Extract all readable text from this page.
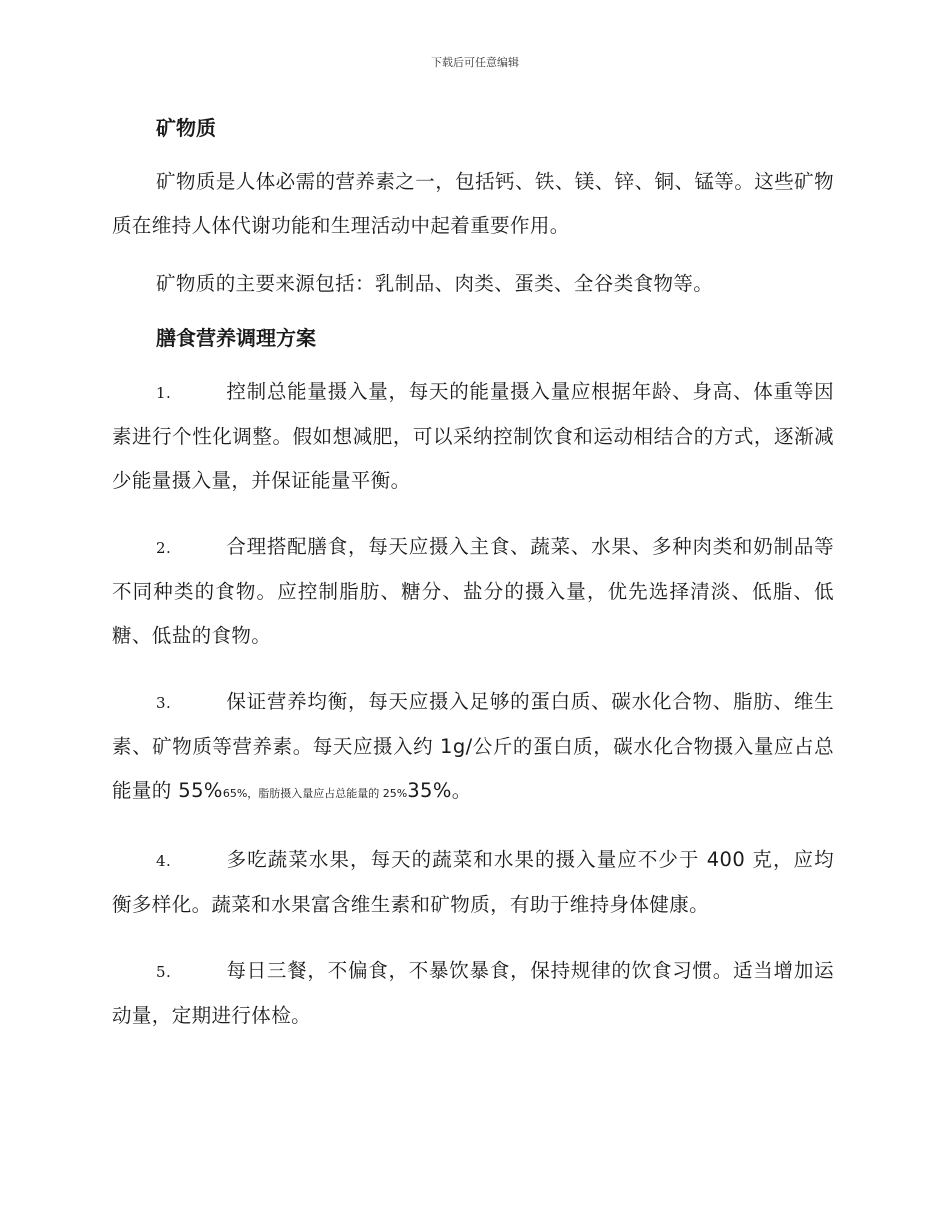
下载后可任意编辑

矿物质

矿物质是人体必需的营养素之一，包括钙、铁、镁、锌、铜、锰等。这些矿物质在维持人体代谢功能和生理活动中起着重要作用。

矿物质的主要来源包括：乳制品、肉类、蛋类、全谷类食物等。

膳食营养调理方案

1.	控制总能量摄入量，每天的能量摄入量应根据年龄、身高、体重等因素进行个性化调整。假如想减肥，可以采纳控制饮食和运动相结合的方式，逐渐减少能量摄入量，并保证能量平衡。

2.	合理搭配膳食，每天应摄入主食、蔬菜、水果、多种肉类和奶制品等不同种类的食物。应控制脂肪、糖分、盐分的摄入量，优先选择清淡、低脂、低糖、低盐的食物。

3.	保证营养均衡，每天应摄入足够的蛋白质、碳水化合物、脂肪、维生素、矿物质等营养素。每天应摄入约 1g/公斤的蛋白质，碳水化合物摄入量应占总能量的 55%65%，脂肪摄入量应占总能量的 25%35%。

4.	多吃蔬菜水果，每天的蔬菜和水果的摄入量应不少于 400 克，应均衡多样化。蔬菜和水果富含维生素和矿物质，有助于维持身体健康。

5.	每日三餐，不偏食，不暴饮暴食，保持规律的饮食习惯。适当增加运动量，定期进行体检。
